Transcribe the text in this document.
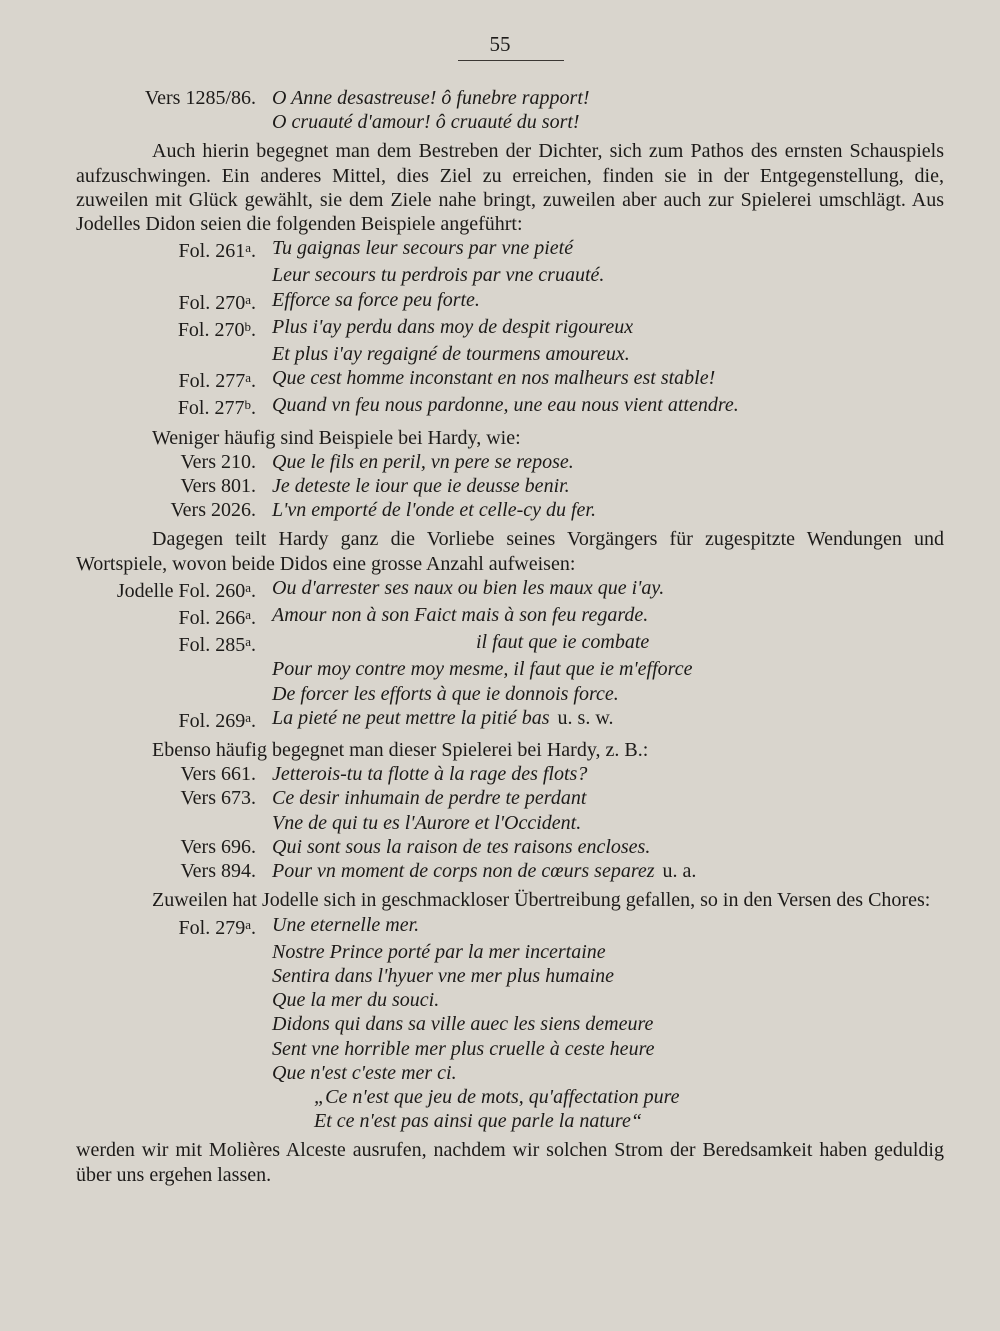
55
Vers 1285/86. O Anne desastreuse! ô funebre rapport!
O cruauté d'amour! ô cruauté du sort!
Auch hierin begegnet man dem Bestreben der Dichter, sich zum Pathos des ernsten Schauspiels aufzuschwingen. Ein anderes Mittel, dies Ziel zu erreichen, finden sie in der Entgegenstellung, die, zuweilen mit Glück gewählt, sie dem Ziele nahe bringt, zuweilen aber auch zur Spielerei umschlägt. Aus Jodelles Didon seien die folgenden Beispiele angeführt:
Fol. 261$^a$. Tu gaignas leur secours par vne pieté
Leur secours tu perdrois par vne cruauté.
Fol. 270$^a$. Efforce sa force peu forte.
Fol. 270$^b$. Plus i'ay perdu dans moy de despit rigoureux
Et plus i'ay regaigné de tourmens amoureux.
Fol. 277$^a$. Que cest homme inconstant en nos malheurs est stable!
Fol. 277$^b$. Quand vn feu nous pardonne, une eau nous vient attendre.
Weniger häufig sind Beispiele bei Hardy, wie:
Vers 210. Que le fils en peril, vn pere se repose.
Vers 801. Je deteste le iour que ie deusse benir.
Vers 2026. L'vn emporté de l'onde et celle-cy du fer.
Dagegen teilt Hardy ganz die Vorliebe seines Vorgängers für zugespitzte Wendungen und Wortspiele, wovon beide Didos eine grosse Anzahl aufweisen:
Jodelle Fol. 260$^a$. Ou d'arrester ses naux ou bien les maux que i'ay.
Fol. 266$^a$. Amour non à son Faict mais à son feu regarde.
Fol. 285$^a$.	il faut que ie combate
Pour moy contre moy mesme, il faut que ie m'efforce
De forcer les efforts à que ie donnois force.
Fol. 269$^a$. La pieté ne peut mettre la pitié bas u. s. w.
Ebenso häufig begegnet man dieser Spielerei bei Hardy, z. B.:
Vers 661. Jetterois-tu ta flotte à la rage des flots?
Vers 673. Ce desir inhumain de perdre te perdant
Vne de qui tu es l'Aurore et l'Occident.
Vers 696. Qui sont sous la raison de tes raisons encloses.
Vers 894. Pour vn moment de corps non de cœurs separez u. a.
Zuweilen hat Jodelle sich in geschmackloser Übertreibung gefallen, so in den Versen des Chores:
Fol. 279$^a$. Une eternelle mer.
Nostre Prince porté par la mer incertaine
Sentira dans l'hyuer vne mer plus humaine
Que la mer du souci.
Didons qui dans sa ville auec les siens demeure
Sent vne horrible mer plus cruelle à ceste heure
Que n'est c'este mer ci.
„Ce n'est que jeu de mots, qu'affectation pure
Et ce n'est pas ainsi que parle la nature“
werden wir mit Molières Alceste ausrufen, nachdem wir solchen Strom der Beredsamkeit haben geduldig über uns ergehen lassen.
